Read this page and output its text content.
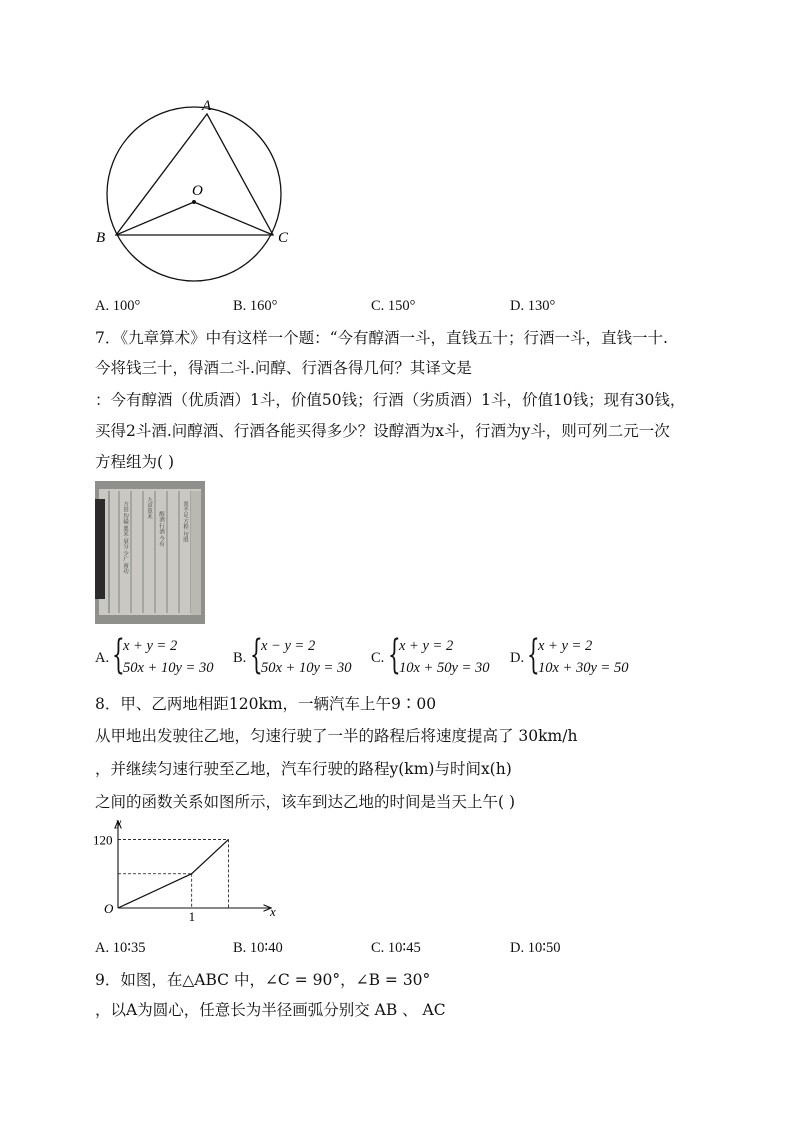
A
O
B	C
A. 100°	B. 160°	C. 150°	D. 130°
7．《九章算术》中有这样一个题：“今有醇酒一斗，直钱五十；行酒一斗，直钱一十.
今将钱三十，得酒二斗.问醇、行酒各得几何？其译文是
：今有醇酒（优质酒）1斗，价值50钱；行酒（劣质酒）1斗，价值10钱；现有30钱，
买得2斗酒.问醇酒、行酒各能买得多少？设醇酒为x斗，行酒为y斗，则可列二元一次
方程组为( )
方田 均输 粟米 衰分 少广 商功	九章算术
醇酒 行酒 今有	盈不足 方程 句股
A. {
x + y = 2
50x + 10y = 30
B. {
x − y = 2
50x + 10y = 30
C. {
x + y = 2
10x + 50y = 30
D. {
x + y = 2
10x + 30y = 50
8．甲、乙两地相距120km，一辆汽车上午9∶00
从甲地出发驶往乙地，匀速行驶了一半的路程后将速度提高了 30km/h
，并继续匀速行驶至乙地，汽车行驶的路程y(km)与时间x(h)
之间的函数关系如图所示，该车到达乙地的时间是当天上午( )
O
y
x
1
120
A. 10∶35	B. 10∶40	C. 10∶45	D. 10∶50
9．如图，在△ABC 中，∠C = 90°，∠B = 30°
，以A为圆心，任意长为半径画弧分别交 AB 、 AC
